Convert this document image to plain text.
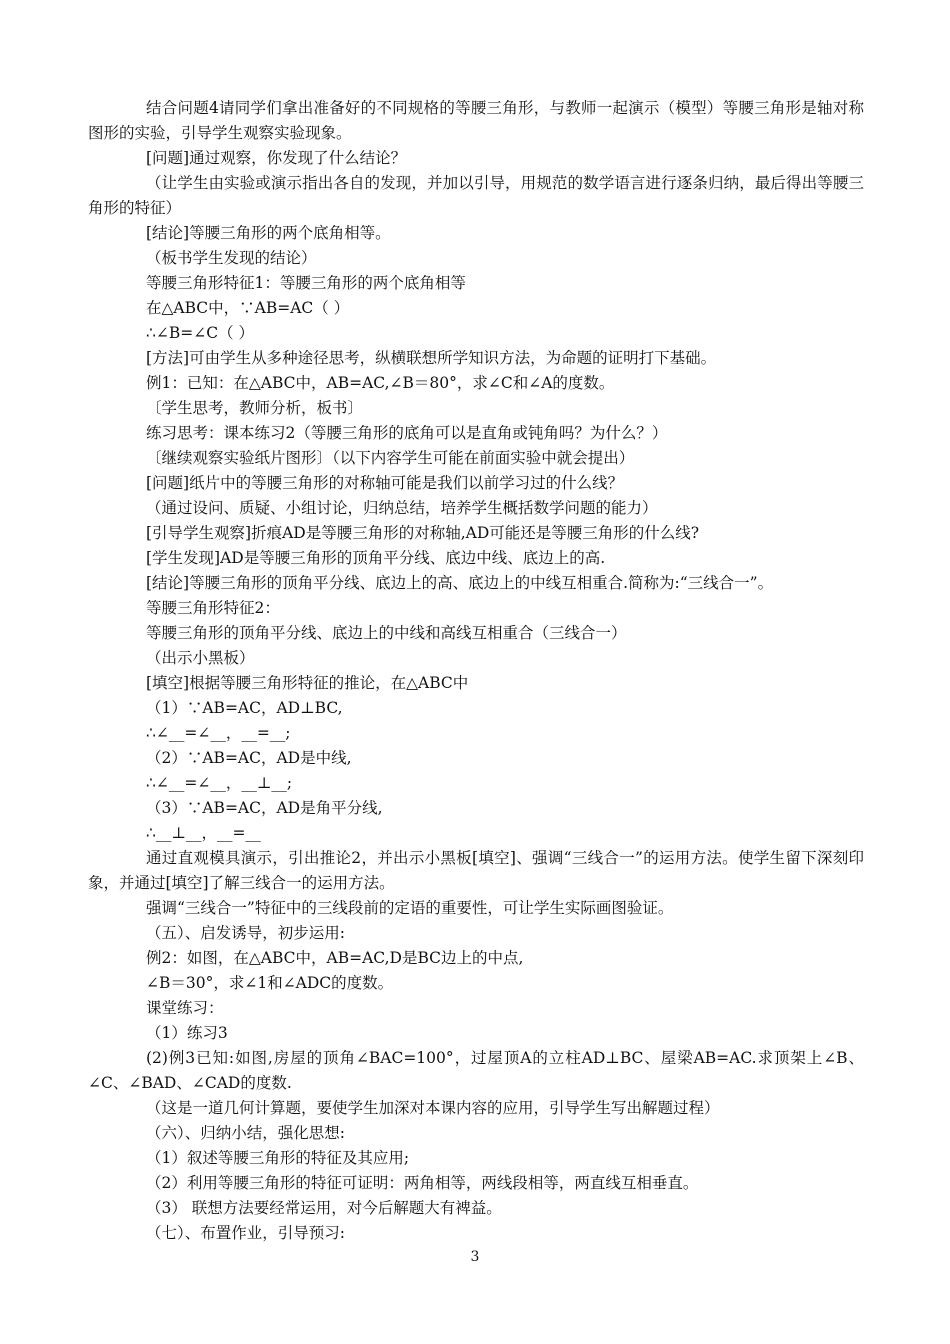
结合问题4请同学们拿出准备好的不同规格的等腰三角形，与教师一起演示（模型）等腰三角形是轴对称图形的实验，引导学生观察实验现象。

[问题]通过观察，你发现了什么结论？

（让学生由实验或演示指出各自的发现，并加以引导，用规范的数学语言进行逐条归纳，最后得出等腰三角形的特征）

[结论]等腰三角形的两个底角相等。

（板书学生发现的结论）

等腰三角形特征1：等腰三角形的两个底角相等

在△ABC中，∵AB=AC（ ）

∴∠B=∠C（ ）

[方法]可由学生从多种途径思考，纵横联想所学知识方法，为命题的证明打下基础。

例1：已知：在△ABC中，AB=AC,∠B＝80°，求∠C和∠A的度数。

〔学生思考，教师分析，板书〕

练习思考：课本练习2（等腰三角形的底角可以是直角或钝角吗？为什么？）

〔继续观察实验纸片图形〕（以下内容学生可能在前面实验中就会提出）

[问题]纸片中的等腰三角形的对称轴可能是我们以前学习过的什么线？

（通过设问、质疑、小组讨论，归纳总结，培养学生概括数学问题的能力）

[引导学生观察]折痕AD是等腰三角形的对称轴,AD可能还是等腰三角形的什么线?

[学生发现]AD是等腰三角形的顶角平分线、底边中线、底边上的高.

[结论]等腰三角形的顶角平分线、底边上的高、底边上的中线互相重合.简称为:“三线合一”。

等腰三角形特征2：

等腰三角形的顶角平分线、底边上的中线和高线互相重合（三线合一）

（出示小黑板）

[填空]根据等腰三角形特征的推论，在△ABC中

（1）∵AB=AC，AD⊥BC,

∴∠__=∠__，__=__;

（2）∵AB=AC，AD是中线,

∴∠__=∠__，__⊥__;

（3）∵AB=AC，AD是角平分线,

∴__⊥__，__=__

通过直观模具演示，引出推论2，并出示小黑板[填空]、强调“三线合一”的运用方法。使学生留下深刻印象，并通过[填空]了解三线合一的运用方法。

强调“三线合一”特征中的三线段前的定语的重要性，可让学生实际画图验证。

（五）、启发诱导，初步运用:

例2：如图，在△ABC中，AB=AC,D是BC边上的中点,

∠B＝30°，求∠1和∠ADC的度数。

课堂练习：

（1）练习3

(2)例3已知:如图,房屋的顶角∠BAC=100°，过屋顶A的立柱AD⊥BC、屋梁AB=AC.求顶架上∠B、∠C、∠BAD、∠CAD的度数.

（这是一道几何计算题，要使学生加深对本课内容的应用，引导学生写出解题过程）

（六）、归纳小结，强化思想:

（1）叙述等腰三角形的特征及其应用;

（2）利用等腰三角形的特征可证明：两角相等，两线段相等，两直线互相垂直。

（3） 联想方法要经常运用，对今后解题大有裨益。

（七）、布置作业，引导预习:

3
